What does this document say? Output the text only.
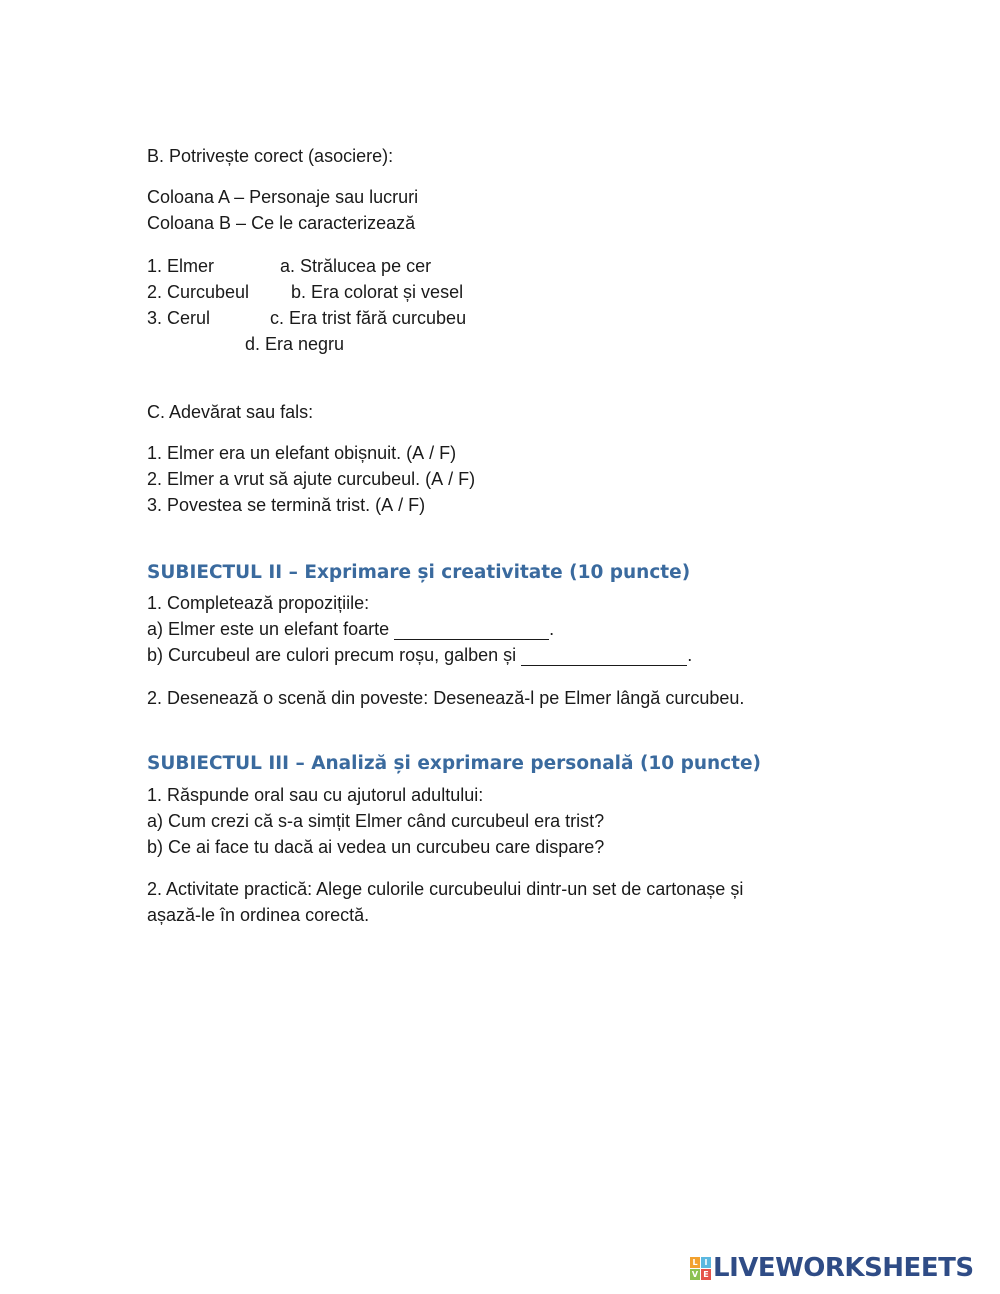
B. Potrivește corect (asociere):
Coloana A – Personaje sau lucruri
Coloana B – Ce le caracterizează
1. Elmer	a. Strălucea pe cer
2. Curcubeul b. Era colorat și vesel
3. Cerul	c. Era trist fără curcubeu
d. Era negru
C. Adevărat sau fals:
1. Elmer era un elefant obișnuit. (A / F)
2. Elmer a vrut să ajute curcubeul. (A / F)
3. Povestea se termină trist. (A / F)
SUBIECTUL II – Exprimare și creativitate (10 puncte)
1. Completează propozițiile:
a) Elmer este un elefant foarte	.
b) Curcubeul are culori precum roșu, galben și	.
2. Desenează o scenă din poveste: Desenează-l pe Elmer lângă curcubeu.
SUBIECTUL III – Analiză și exprimare personală (10 puncte)
1. Răspunde oral sau cu ajutorul adultului:
a) Cum crezi că s-a simțit Elmer când curcubeul era trist?
b) Ce ai face tu dacă ai vedea un curcubeu care dispare?
2. Activitate practică: Alege culorile curcubeului dintr-un set de cartonașe și
așază-le în ordinea corectă.
L I
V E LIVEWORKSHEETS
